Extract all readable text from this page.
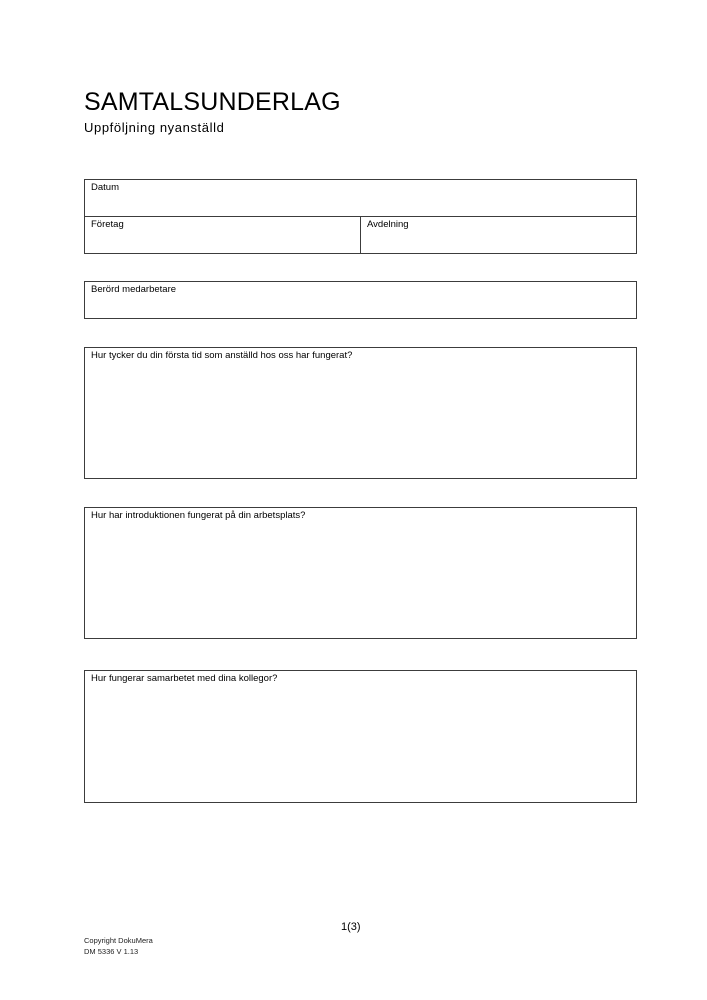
SAMTALSUNDERLAG
Uppföljning nyanställd
Datum
Företag	Avdelning
Berörd medarbetare
Hur tycker du din första tid som anställd hos oss har fungerat?
Hur har introduktionen fungerat på din arbetsplats?
Hur fungerar samarbetet med dina kollegor?
1(3)
Copyright DokuMera
DM 5336 V 1.13
